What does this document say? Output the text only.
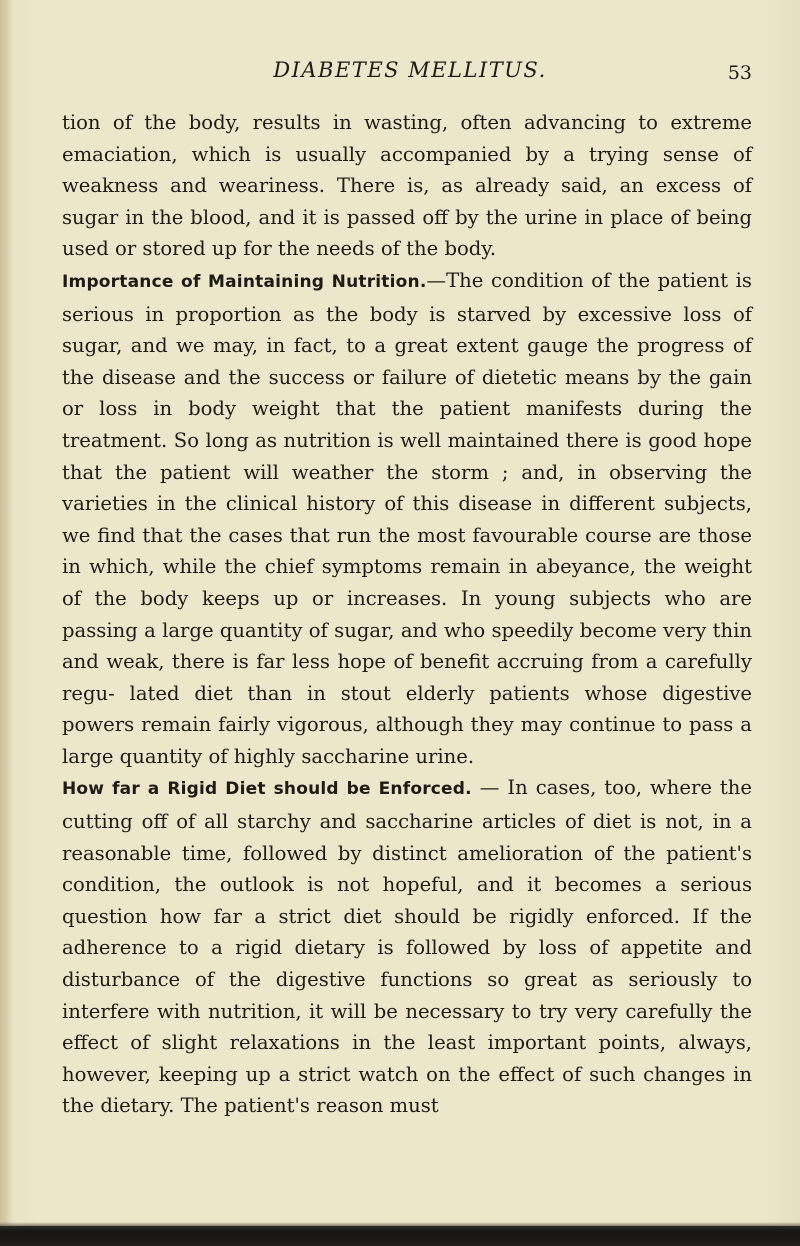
DIABETES MELLITUS.	53

tion of the body, results in wasting, often advancing to extreme emaciation, which is usually accompanied by a trying sense of weakness and weariness. There is, as already said, an excess of sugar in the blood, and it is passed off by the urine in place of being used or stored up for the needs of the body.

Importance of Maintaining Nutrition.—The condition of the patient is serious in proportion as the body is starved by excessive loss of sugar, and we may, in fact, to a great extent gauge the progress of the disease and the success or failure of dietetic means by the gain or loss in body weight that the patient manifests during the treatment. So long as nutrition is well maintained there is good hope that the patient will weather the storm ; and, in observing the varieties in the clinical history of this disease in different subjects, we find that the cases that run the most favourable course are those in which, while the chief symptoms remain in abeyance, the weight of the body keeps up or increases. In young subjects who are passing a large quantity of sugar, and who speedily become very thin and weak, there is far less hope of benefit accruing from a carefully regu- lated diet than in stout elderly patients whose digestive powers remain fairly vigorous, although they may continue to pass a large quantity of highly saccharine urine.

How far a Rigid Diet should be Enforced. — In cases, too, where the cutting off of all starchy and saccharine articles of diet is not, in a reasonable time, followed by distinct amelioration of the patient's condition, the outlook is not hopeful, and it becomes a serious question how far a strict diet should be rigidly enforced. If the adherence to a rigid dietary is followed by loss of appetite and disturbance of the digestive functions so great as seriously to interfere with nutrition, it will be necessary to try very carefully the effect of slight relaxations in the least important points, always, however, keeping up a strict watch on the effect of such changes in the dietary. The patient's reason must
